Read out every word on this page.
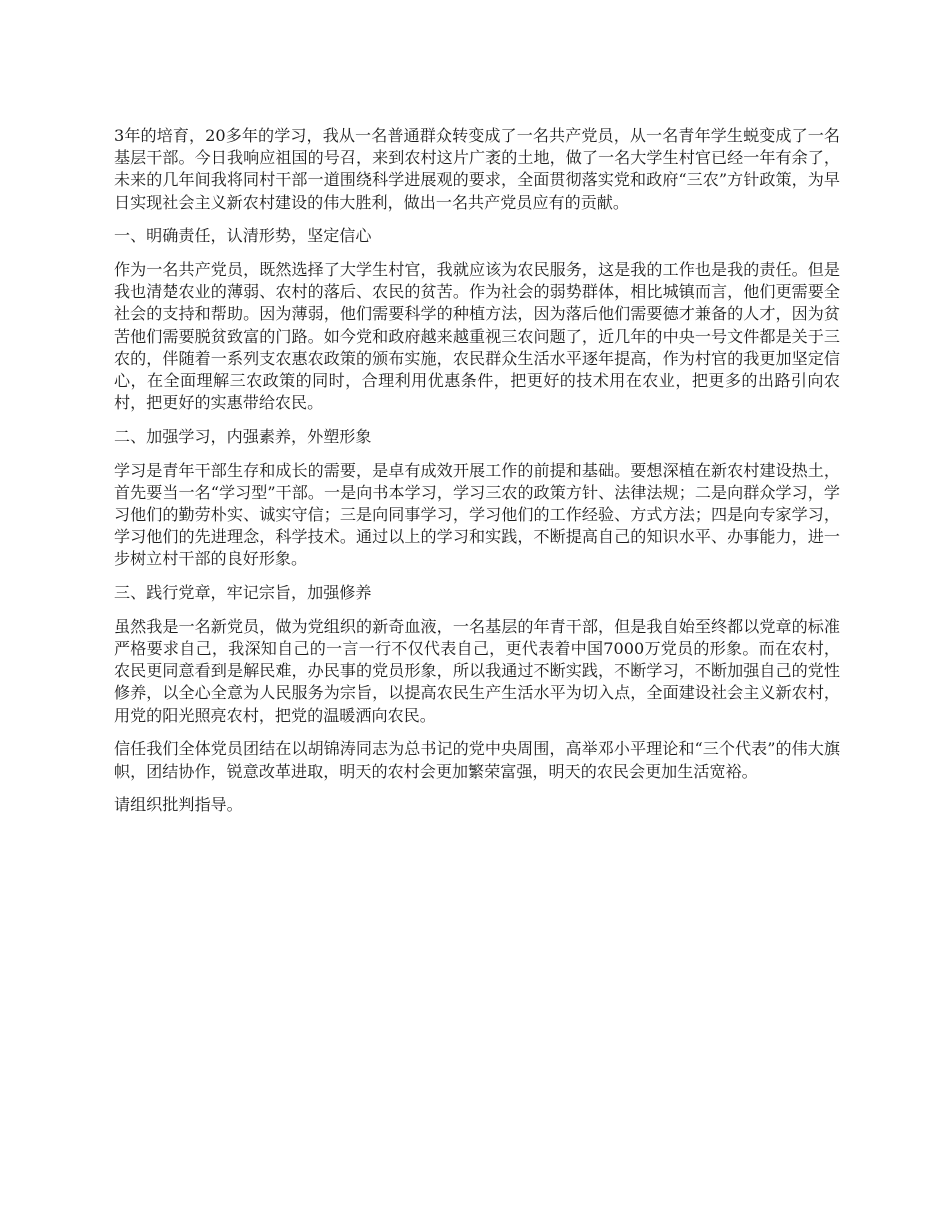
3年的培育，20多年的学习，我从一名普通群众转变成了一名共产党员，从一名青年学生蜕变成了一名基层干部。今日我响应祖国的号召，来到农村这片广袤的土地，做了一名大学生村官已经一年有余了，未来的几年间我将同村干部一道围绕科学进展观的要求，全面贯彻落实党和政府“三农”方针政策，为早日实现社会主义新农村建设的伟大胜利，做出一名共产党员应有的贡献。

一、明确责任，认清形势，坚定信心

作为一名共产党员，既然选择了大学生村官，我就应该为农民服务，这是我的工作也是我的责任。但是我也清楚农业的薄弱、农村的落后、农民的贫苦。作为社会的弱势群体，相比城镇而言，他们更需要全社会的支持和帮助。因为薄弱，他们需要科学的种植方法，因为落后他们需要德才兼备的人才，因为贫苦他们需要脱贫致富的门路。如今党和政府越来越重视三农问题了，近几年的中央一号文件都是关于三农的，伴随着一系列支农惠农政策的颁布实施，农民群众生活水平逐年提高，作为村官的我更加坚定信心，在全面理解三农政策的同时，合理利用优惠条件，把更好的技术用在农业，把更多的出路引向农村，把更好的实惠带给农民。

二、加强学习，内强素养，外塑形象

学习是青年干部生存和成长的需要，是卓有成效开展工作的前提和基础。要想深植在新农村建设热土，首先要当一名“学习型”干部。一是向书本学习，学习三农的政策方针、法律法规；二是向群众学习，学习他们的勤劳朴实、诚实守信；三是向同事学习，学习他们的工作经验、方式方法；四是向专家学习，学习他们的先进理念，科学技术。通过以上的学习和实践，不断提高自己的知识水平、办事能力，进一步树立村干部的良好形象。

三、践行党章，牢记宗旨，加强修养

虽然我是一名新党员，做为党组织的新奇血液，一名基层的年青干部，但是我自始至终都以党章的标准严格要求自己，我深知自己的一言一行不仅代表自己，更代表着中国7000万党员的形象。而在农村，农民更同意看到是解民难，办民事的党员形象，所以我通过不断实践，不断学习，不断加强自己的党性修养，以全心全意为人民服务为宗旨，以提高农民生产生活水平为切入点，全面建设社会主义新农村，用党的阳光照亮农村，把党的温暖洒向农民。

信任我们全体党员团结在以胡锦涛同志为总书记的党中央周围，高举邓小平理论和“三个代表”的伟大旗帜，团结协作，锐意改革进取，明天的农村会更加繁荣富强，明天的农民会更加生活宽裕。

请组织批判指导。
